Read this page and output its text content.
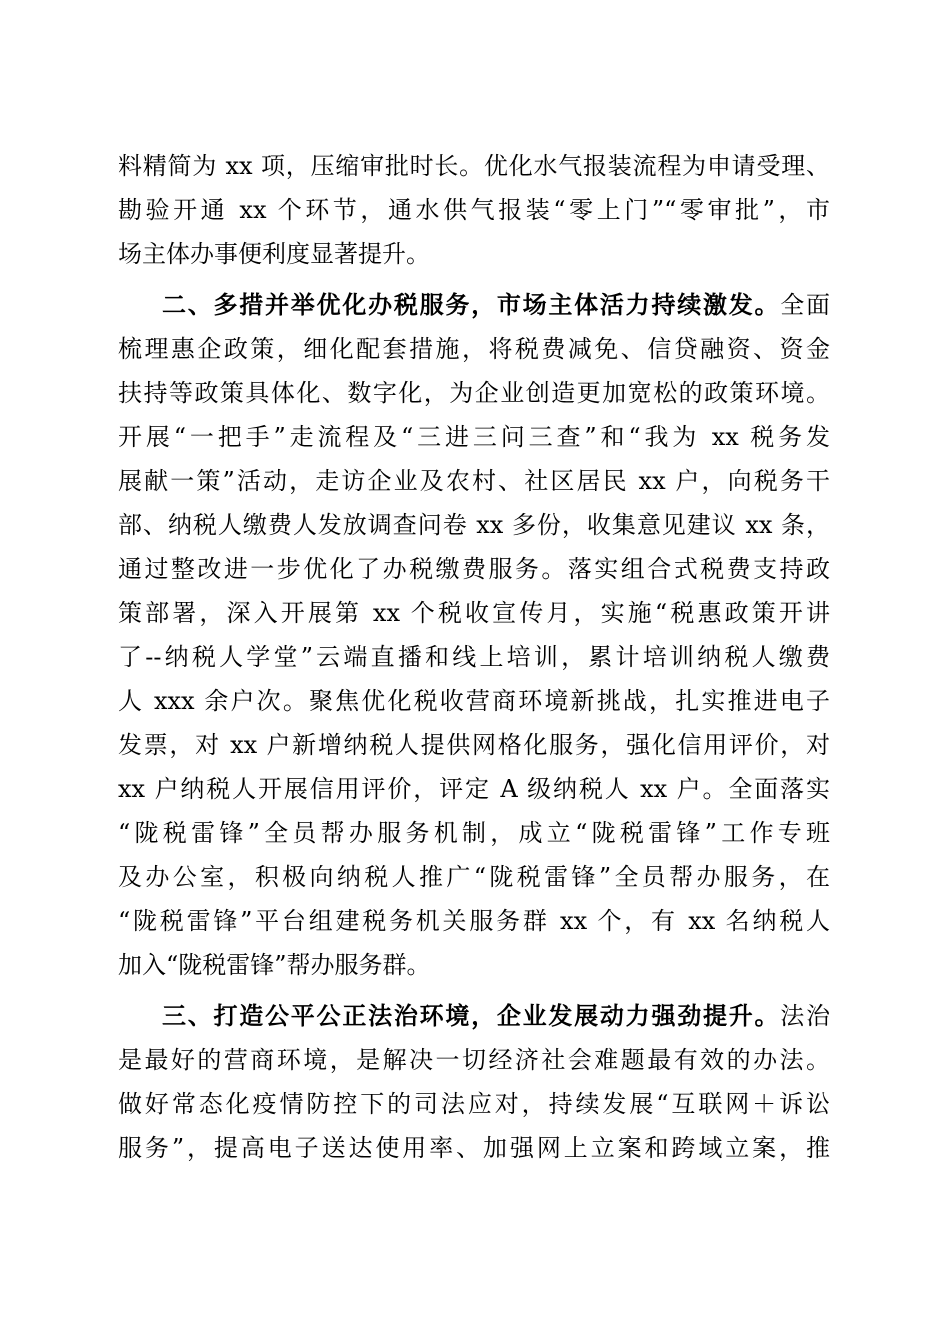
料精简为 xx 项，压缩审批时长。优化水气报装流程为申请受理、
勘验开通 xx 个环节，通水供气报装“零上门”“零审批”，市
场主体办事便利度显著提升。
二、多措并举优化办税服务，市场主体活力持续激发。全面
梳理惠企政策，细化配套措施，将税费减免、信贷融资、资金
扶持等政策具体化、数字化，为企业创造更加宽松的政策环境。
开展“一把手”走流程及“三进三问三查”和“我为 xx 税务发
展献一策”活动，走访企业及农村、社区居民 xx 户，向税务干
部、纳税人缴费人发放调查问卷 xx 多份，收集意见建议 xx 条，
通过整改进一步优化了办税缴费服务。落实组合式税费支持政
策部署，深入开展第 xx 个税收宣传月，实施“税惠政策开讲
了--纳税人学堂”云端直播和线上培训，累计培训纳税人缴费
人 xxx 余户次。聚焦优化税收营商环境新挑战，扎实推进电子
发票，对 xx 户新增纳税人提供网格化服务，强化信用评价，对
xx 户纳税人开展信用评价，评定 A 级纳税人 xx 户。全面落实
“陇税雷锋”全员帮办服务机制，成立“陇税雷锋”工作专班
及办公室，积极向纳税人推广“陇税雷锋”全员帮办服务，在
“陇税雷锋”平台组建税务机关服务群 xx 个，有 xx 名纳税人
加入“陇税雷锋”帮办服务群。
三、打造公平公正法治环境，企业发展动力强劲提升。法治
是最好的营商环境，是解决一切经济社会难题最有效的办法。
做好常态化疫情防控下的司法应对，持续发展“互联网＋诉讼
服务”，提高电子送达使用率、加强网上立案和跨域立案，推
